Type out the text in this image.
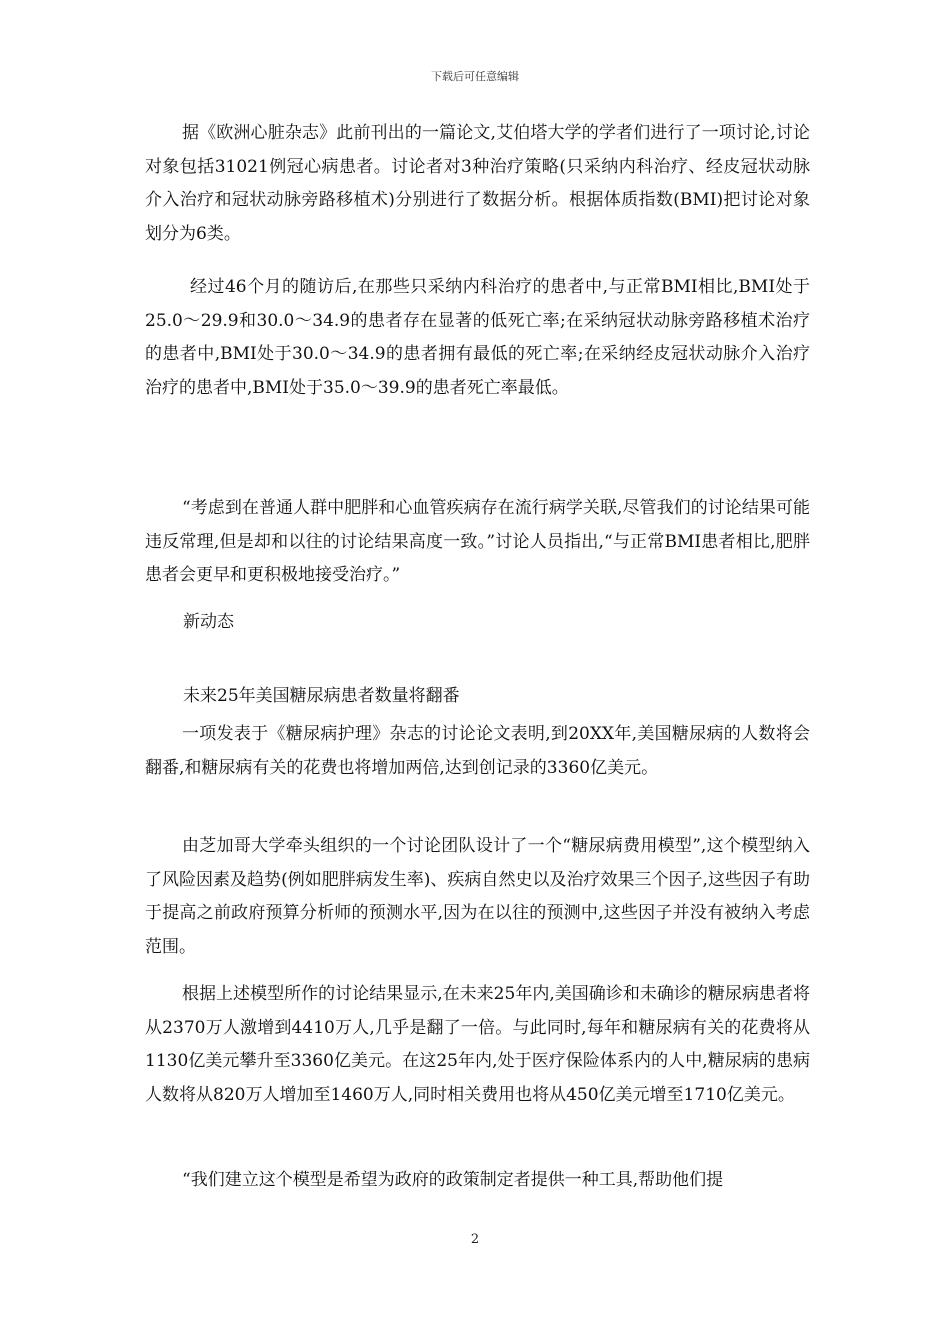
下载后可任意编辑

据《欧洲心脏杂志》此前刊出的一篇论文,艾伯塔大学的学者们进行了一项讨论,讨论对象包括31021例冠心病患者。讨论者对3种治疗策略(只采纳内科治疗、经皮冠状动脉介入治疗和冠状动脉旁路移植术)分别进行了数据分析。根据体质指数(BMI)把讨论对象划分为6类。

经过46个月的随访后,在那些只采纳内科治疗的患者中,与正常BMI相比,BMI处于25.0～29.9和30.0～34.9的患者存在显著的低死亡率;在采纳冠状动脉旁路移植术治疗的患者中,BMI处于30.0～34.9的患者拥有最低的死亡率;在采纳经皮冠状动脉介入治疗治疗的患者中,BMI处于35.0～39.9的患者死亡率最低。

“考虑到在普通人群中肥胖和心血管疾病存在流行病学关联,尽管我们的讨论结果可能违反常理,但是却和以往的讨论结果高度一致。”讨论人员指出,“与正常BMI患者相比,肥胖患者会更早和更积极地接受治疗。”

新动态

未来25年美国糖尿病患者数量将翻番

一项发表于《糖尿病护理》杂志的讨论论文表明,到20XX年,美国糖尿病的人数将会翻番,和糖尿病有关的花费也将增加两倍,达到创记录的3360亿美元。

由芝加哥大学牵头组织的一个讨论团队设计了一个“糖尿病费用模型”,这个模型纳入了风险因素及趋势(例如肥胖病发生率)、疾病自然史以及治疗效果三个因子,这些因子有助于提高之前政府预算分析师的预测水平,因为在以往的预测中,这些因子并没有被纳入考虑范围。

根据上述模型所作的讨论结果显示,在未来25年内,美国确诊和未确诊的糖尿病患者将从2370万人激增到4410万人,几乎是翻了一倍。与此同时,每年和糖尿病有关的花费将从1130亿美元攀升至3360亿美元。在这25年内,处于医疗保险体系内的人中,糖尿病的患病人数将从820万人增加至1460万人,同时相关费用也将从450亿美元增至1710亿美元。

“我们建立这个模型是希望为政府的政策制定者提供一种工具,帮助他们提

2
